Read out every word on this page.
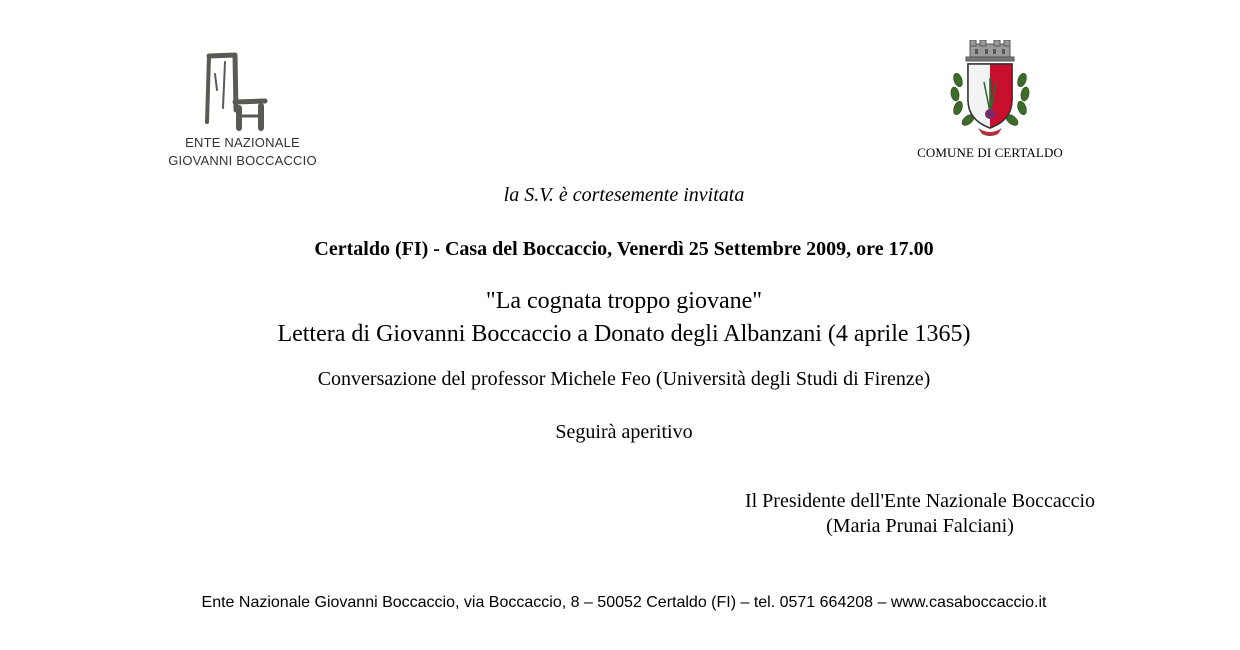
ENTE NAZIONALE
GIOVANNI BOCCACCIO
COMUNE DI CERTALDO
la S.V. è cortesemente invitata
Certaldo (FI) - Casa del Boccaccio, Venerdì 25 Settembre 2009, ore 17.00
"La cognata troppo giovane"
Lettera di Giovanni Boccaccio a Donato degli Albanzani (4 aprile 1365)
Conversazione del professor Michele Feo (Università degli Studi di Firenze)
Seguirà aperitivo
Il Presidente dell'Ente Nazionale Boccaccio
(Maria Prunai Falciani)
Ente Nazionale Giovanni Boccaccio, via Boccaccio, 8 – 50052 Certaldo (FI) – tel. 0571 664208 – www.casaboccaccio.it
